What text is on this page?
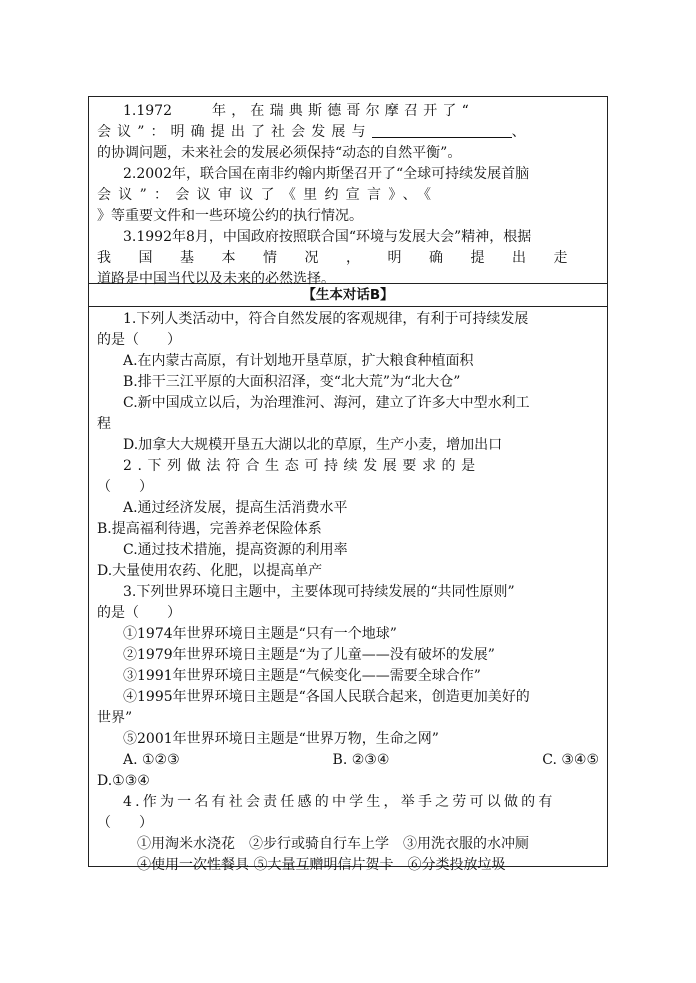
1.1972	年，在瑞典斯德哥尔摩召开了“
会议”：明确提出了社会发展与	、
的协调问题，未来社会的发展必须保持“动态的自然平衡”。
2.2002年，联合国在南非约翰内斯堡召开了“全球可持续发展首脑
会议”：会议审议了《里约宣言》、《
》等重要文件和一些环境公约的执行情况。
3.1992年8月，中国政府按照联合国“环境与发展大会”精神，根据
我国基本情况，明确提出走
道路是中国当代以及未来的必然选择。
【生本对话B】
1.下列人类活动中，符合自然发展的客观规律，有利于可持续发展
的是（　　）
A.在内蒙古高原，有计划地开垦草原，扩大粮食种植面积
B.排干三江平原的大面积沼泽，变“北大荒”为“北大仓”
C.新中国成立以后，为治理淮河、海河，建立了许多大中型水利工
程
D.加拿大大规模开垦五大湖以北的草原，生产小麦，增加出口
2.下列做法符合生态可持续发展要求的是
（　　）
A.通过经济发展，提高生活消费水平
B.提高福利待遇，完善养老保险体系
C.通过技术措施，提高资源的利用率
D.大量使用农药、化肥，以提高单产
3.下列世界环境日主题中，主要体现可持续发展的“共同性原则”
的是（　　）
①1974年世界环境日主题是“只有一个地球”
②1979年世界环境日主题是“为了儿童——没有破坏的发展”
③1991年世界环境日主题是“气候变化——需要全球合作”
④1995年世界环境日主题是“各国人民联合起来，创造更加美好的
世界”
⑤2001年世界环境日主题是“世界万物，生命之网”
A. ①②③	B. ②③④	C. ③④⑤
D.①③④
4.作为一名有社会责任感的中学生，举手之劳可以做的有
（　　）
①用淘米水浇花　②步行或骑自行车上学　③用洗衣服的水冲厕
④使用一次性餐具 ⑤大量互赠明信片贺卡　⑥分类投放垃圾
